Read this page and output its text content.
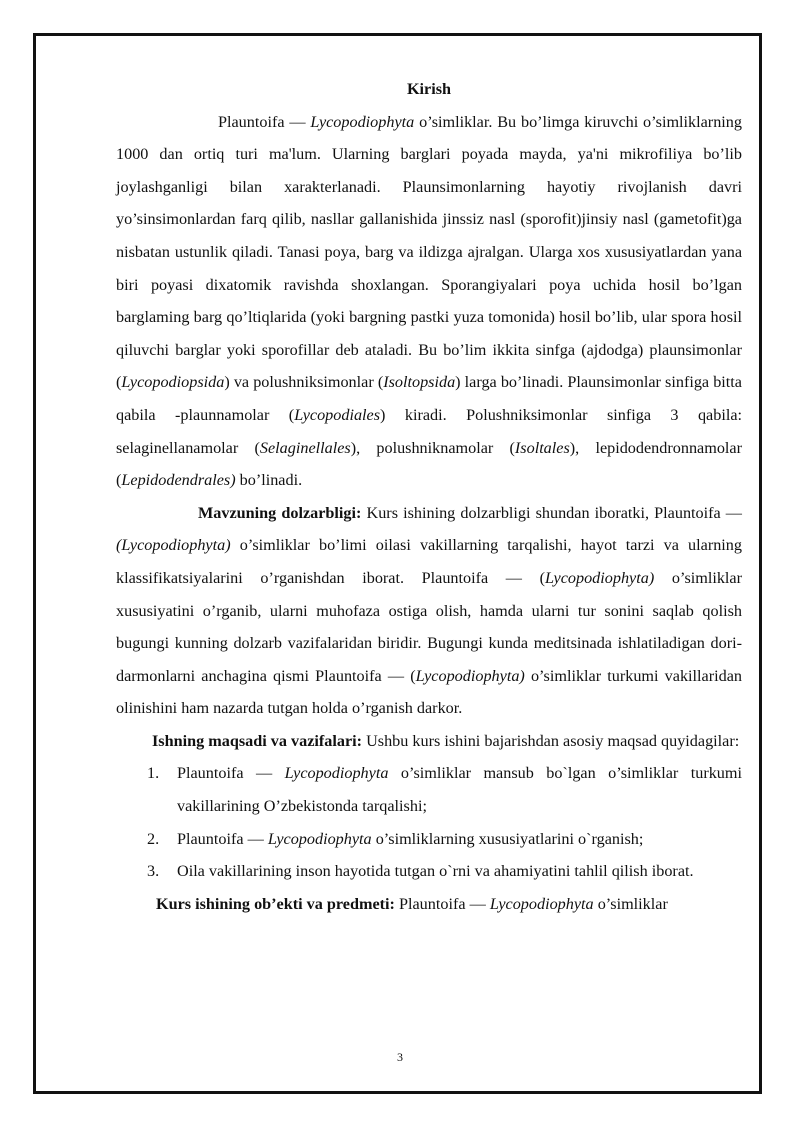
Kirish

Plauntoifa — Lycopodiophyta o’simliklar. Bu bo’limga kiruvchi o’simliklarning 1000 dan ortiq turi ma'lum. Ularning barglari poyada mayda, ya'ni mikrofiliya bo’lib joylashganligi bilan xarakterlanadi. Plaunsimonlarning hayotiy rivojlanish davri yo’sinsimonlardan farq qilib, nasllar gallanishida jinssiz nasl (sporofit)jinsiy nasl (gametofit)ga nisbatan ustunlik qiladi. Tanasi poya, barg va ildizga ajralgan. Ularga xos xususiyatlardan yana biri poyasi dixatomik ravishda shoxlangan. Sporangiyalari poya uchida hosil bo’lgan barglaming barg qo’ltiqlarida (yoki bargning pastki yuza tomonida) hosil bo’lib, ular spora hosil qiluvchi barglar yoki sporofillar deb ataladi. Bu bo’lim ikkita sinfga (ajdodga) plaunsimonlar (Lycopodiopsida) va polushniksimonlar (Isoltopsida) larga bo’linadi. Plaunsimonlar sinfiga bitta qabila -plaunnamolar (Lycopodiales) kiradi. Polushniksimonlar sinfiga 3 qabila: selaginellanamolar (Selaginellales), polushniknamolar (Isoltales), lepidodendronnamolar (Lepidodendrales) bo’linadi.

Mavzuning dolzarbligi: Kurs ishining dolzarbligi shundan iboratki, Plauntoifa — (Lycopodiophyta) o’simliklar bo’limi oilasi vakillarning tarqalishi, hayot tarzi va ularning klassifikatsiyalarini o’rganishdan iborat. Plauntoifa — (Lycopodiophyta) o’simliklar xususiyatini o’rganib, ularni muhofaza ostiga olish, hamda ularni tur sonini saqlab qolish bugungi kunning dolzarb vazifalaridan biridir. Bugungi kunda meditsinada ishlatiladigan dori-darmonlarni anchagina qismi Plauntoifa — (Lycopodiophyta) o’simliklar turkumi vakillaridan olinishini ham nazarda tutgan holda o’rganish darkor.

Ishning maqsadi va vazifalari: Ushbu kurs ishini bajarishdan asosiy maqsad quyidagilar:

1. Plauntoifa — Lycopodiophyta o’simliklar mansub bo`lgan o’simliklar turkumi vakillarining O’zbekistonda tarqalishi;
2. Plauntoifa — Lycopodiophyta o’simliklarning xususiyatlarini o`rganish;
3. Oila vakillarining inson hayotida tutgan o`rni va ahamiyatini tahlil qilish iborat.

Kurs ishining ob’ekti va predmeti: Plauntoifa — Lycopodiophyta o’simliklar

3
